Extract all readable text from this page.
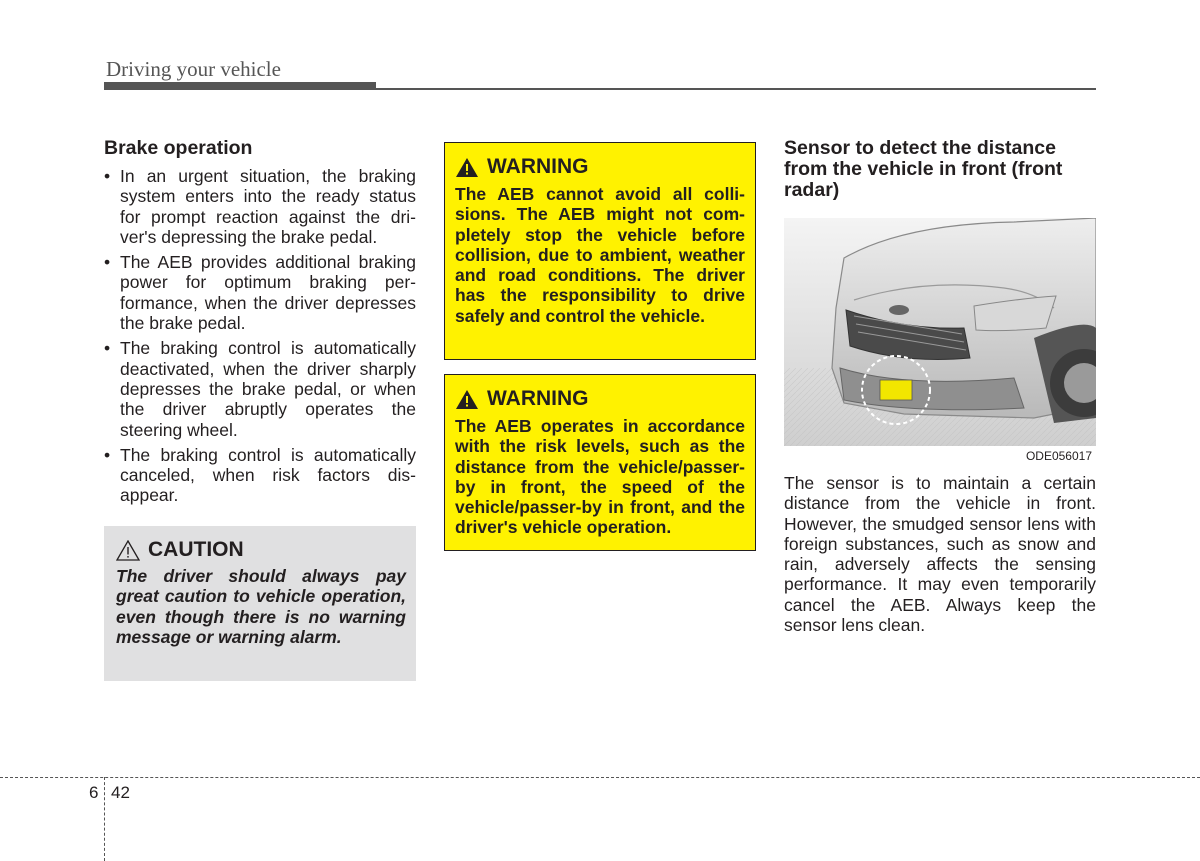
Driving your vehicle
Brake operation
• In an urgent situation, the braking system enters into the ready status for prompt reaction against the driver's depressing the brake pedal.
• The AEB provides additional braking power for optimum braking performance, when the driver depresses the brake pedal.
• The braking control is automatically deactivated, when the driver sharply depresses the brake pedal, or when the driver abruptly operates the steering wheel.
• The braking control is automatically canceled, when risk factors disappear.
CAUTION
The driver should always pay great caution to vehicle operation, even though there is no warning message or warning alarm.
WARNING
The AEB cannot avoid all collisions. The AEB might not completely stop the vehicle before collision, due to ambient, weather and road conditions. The driver has the responsibility to drive safely and control the vehicle.
WARNING
The AEB operates in accordance with the risk levels, such as the distance from the vehicle/passer-by in front, the speed of the vehicle/passer-by in front, and the driver's vehicle operation.
Sensor to detect the distance from the vehicle in front (front radar)
ODE056017

The sensor is to maintain a certain distance from the vehicle in front. However, the smudged sensor lens with foreign substances, such as snow and rain, adversely affects the sensing performance. It may even temporarily cancel the AEB. Always keep the sensor lens clean.

6 42
